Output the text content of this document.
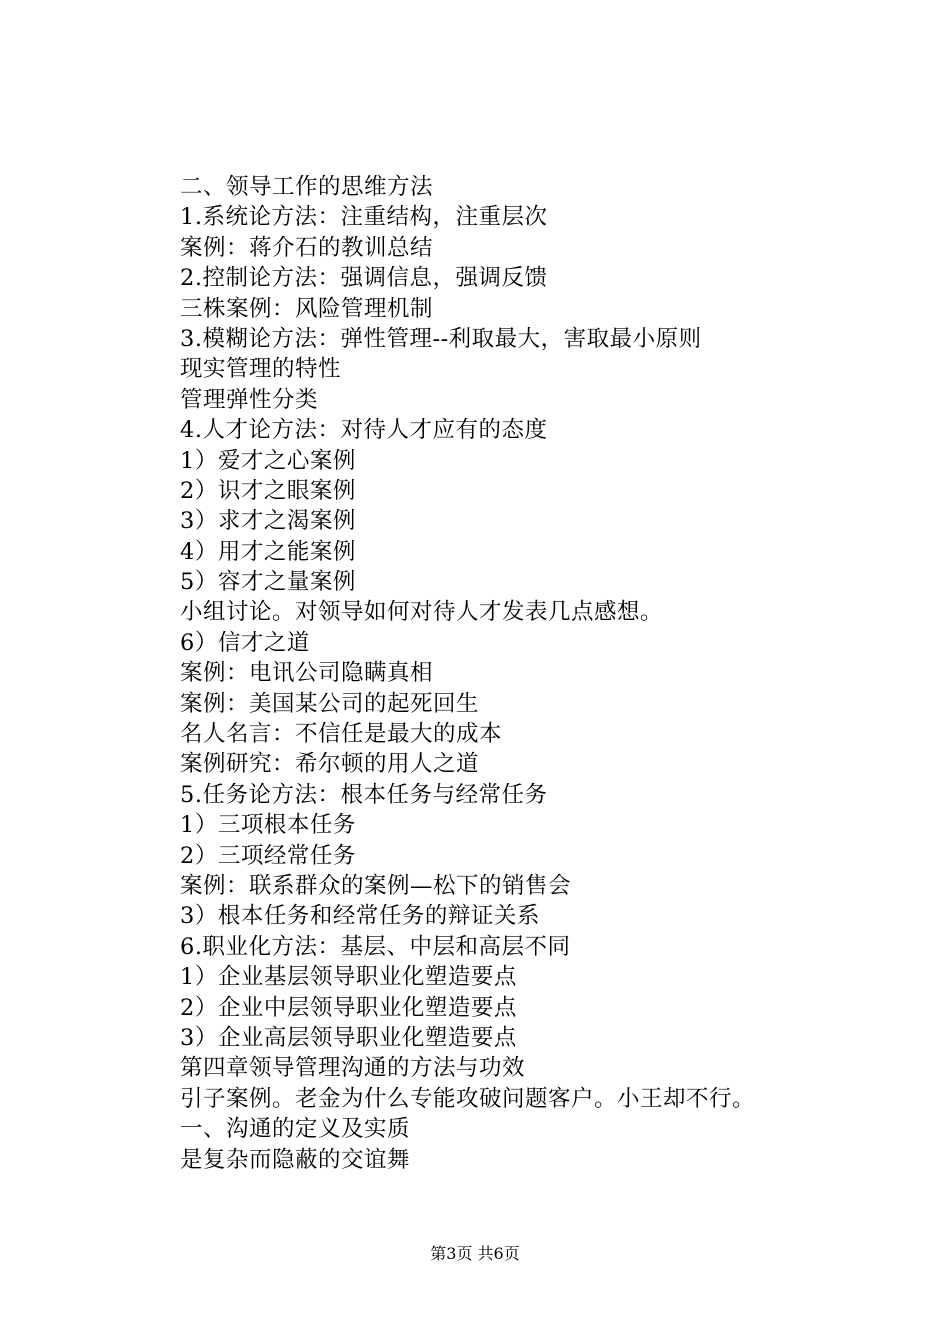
二、领导工作的思维方法
1.系统论方法：注重结构，注重层次
案例：蒋介石的教训总结
2.控制论方法：强调信息，强调反馈
三株案例：风险管理机制
3.模糊论方法：弹性管理--利取最大，害取最小原则
现实管理的特性
管理弹性分类
4.人才论方法：对待人才应有的态度
1）爱才之心案例
2）识才之眼案例
3）求才之渴案例
4）用才之能案例
5）容才之量案例
小组讨论。对领导如何对待人才发表几点感想。
6）信才之道
案例：电讯公司隐瞒真相
案例：美国某公司的起死回生
名人名言：不信任是最大的成本
案例研究：希尔顿的用人之道
5.任务论方法：根本任务与经常任务
1）三项根本任务
2）三项经常任务
案例：联系群众的案例—松下的销售会
3）根本任务和经常任务的辩证关系
6.职业化方法：基层、中层和高层不同
1）企业基层领导职业化塑造要点
2）企业中层领导职业化塑造要点
3）企业高层领导职业化塑造要点
第四章领导管理沟通的方法与功效
引子案例。老金为什么专能攻破问题客户。小王却不行。
一、沟通的定义及实质
是复杂而隐蔽的交谊舞
第3页 共6页
